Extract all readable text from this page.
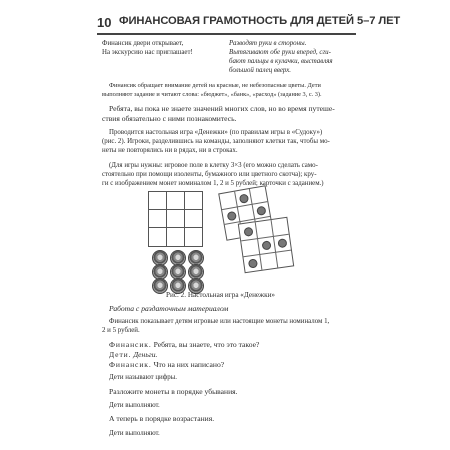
10 ФИНАНСОВАЯ ГРАМОТНОСТЬ ДЛЯ ДЕТЕЙ 5–7 ЛЕТ
Финансик двери открывает,
На экскурсию нас приглашает!
Разводят руки в стороны.
Вытягивают обе руки вперед, сги-
бают пальцы в кулачки, выставляя
большой палец вверх.
Финансик обращает внимание детей на красные, не небезопасные цветы. Дети
выполняют задание и читают слова: «бюджет», «банк», «расход» (задание 3, с. 3).
Ребята, вы пока не знаете значений многих слов, но во время путеше-
ствия обязательно с ними познакомитесь.
Проводится настольная игра «Денежки» (по правилам игры в «Судоку»)
(рис. 2). Игроки, разделившись на команды, заполняют клетки так, чтобы мо-
неты не повторялись ни в рядах, ни в строках.
(Для игры нужны: игровое поле в клетку 3×3 (его можно сделать само-
стоятельно при помощи изоленты, бумажного или цветного скотча); кру-
ги с изображением монет номиналом 1, 2 и 5 рублей; карточки с заданием.)
Рис. 2. Настольная игра «Денежки»
Работа с раздаточным материалом
Финансик показывает детям игровые или настоящие монеты номиналом 1,
2 и 5 рублей.
Финансик. Ребята, вы знаете, что это такое?
Дети. Деньги.
Финансик. Что на них написано?
Дети называют цифры.
Разложите монеты в порядке убывания.
Дети выполняют.
А теперь в порядке возрастания.
Дети выполняют.
